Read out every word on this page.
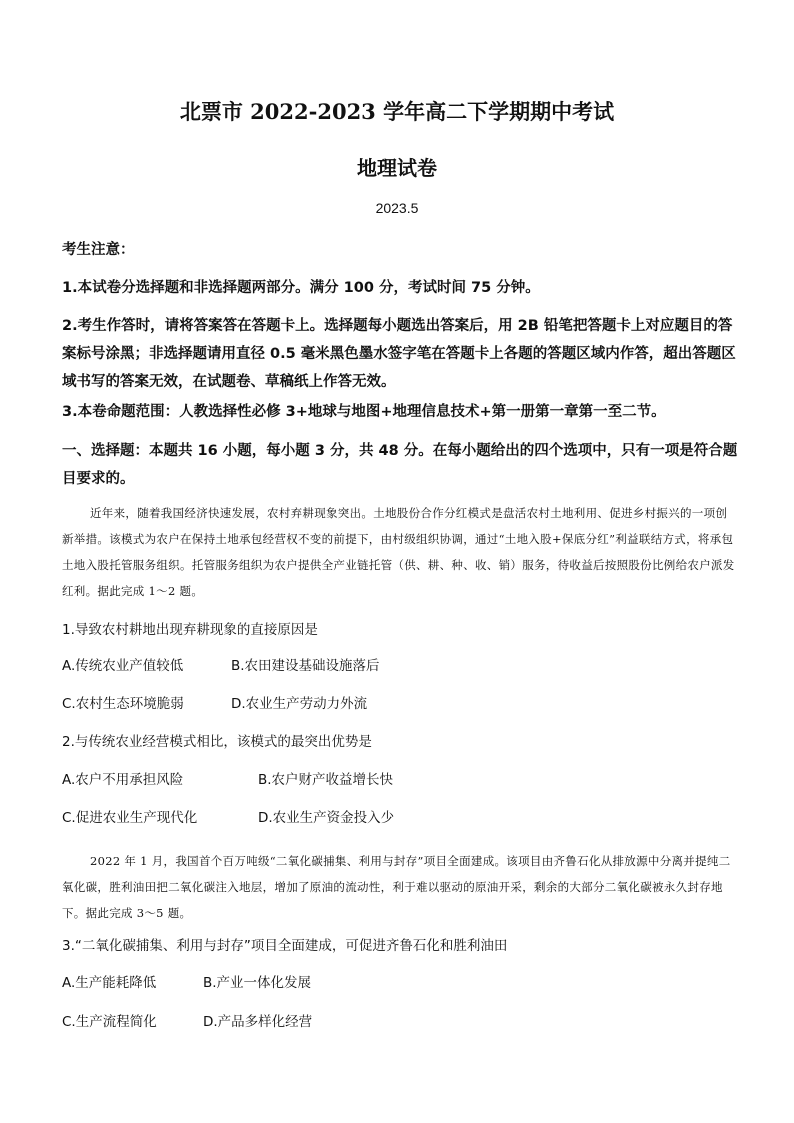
北票市 2022-2023 学年高二下学期期中考试
地理试卷
2023.5
考生注意：
1.本试卷分选择题和非选择题两部分。满分 100 分，考试时间 75 分钟。
2.考生作答时，请将答案答在答题卡上。选择题每小题选出答案后，用 2B 铅笔把答题卡上对应题目的答案标号涂黑；非选择题请用直径 0.5 毫米黑色墨水签字笔在答题卡上各题的答题区域内作答，超出答题区域书写的答案无效，在试题卷、草稿纸上作答无效。
3.本卷命题范围：人教选择性必修 3+地球与地图+地理信息技术+第一册第一章第一至二节。
一、选择题：本题共 16 小题，每小题 3 分，共 48 分。在每小题给出的四个选项中，只有一项是符合题目要求的。
近年来，随着我国经济快速发展，农村弃耕现象突出。土地股份合作分红模式是盘活农村土地利用、促进乡村振兴的一项创新举措。该模式为农户在保持土地承包经营权不变的前提下，由村级组织协调，通过“土地入股+保底分红”利益联结方式，将承包土地入股托管服务组织。托管服务组织为农户提供全产业链托管（供、耕、种、收、销）服务，待收益后按照股份比例给农户派发红利。据此完成 1～2 题。
1.导致农村耕地出现弃耕现象的直接原因是
A.传统农业产值较低	B.农田建设基础设施落后
C.农村生态环境脆弱	D.农业生产劳动力外流
2.与传统农业经营模式相比，该模式的最突出优势是
A.农户不用承担风险	B.农户财产收益增长快
C.促进农业生产现代化	D.农业生产资金投入少
2022 年 1 月，我国首个百万吨级“二氧化碳捕集、利用与封存”项目全面建成。该项目由齐鲁石化从排放源中分离并提纯二氧化碳，胜利油田把二氧化碳注入地层，增加了原油的流动性，利于难以驱动的原油开采，剩余的大部分二氧化碳被永久封存地下。据此完成 3～5 题。
3.“二氧化碳捕集、利用与封存”项目全面建成，可促进齐鲁石化和胜利油田
A.生产能耗降低	B.产业一体化发展
C.生产流程简化	D.产品多样化经营
